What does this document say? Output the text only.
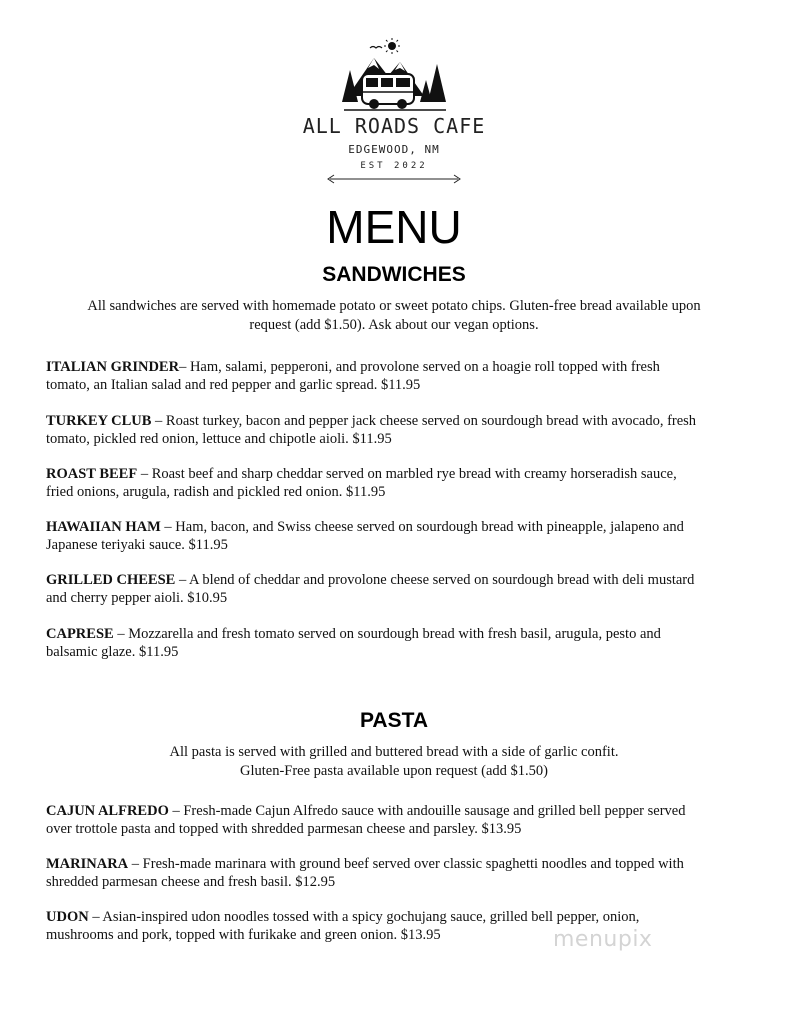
ALL ROADS CAFE
EDGEWOOD, NM
EST 2022
MENU
SANDWICHES
All sandwiches are served with homemade potato or sweet potato chips. Gluten-free bread available upon
request (add $1.50). Ask about our vegan options.
ITALIAN GRINDER– Ham, salami, pepperoni, and provolone served on a hoagie roll topped with fresh
tomato, an Italian salad and red pepper and garlic spread. $11.95
TURKEY CLUB – Roast turkey, bacon and pepper jack cheese served on sourdough bread with avocado, fresh
tomato, pickled red onion, lettuce and chipotle aioli. $11.95
ROAST BEEF – Roast beef and sharp cheddar served on marbled rye bread with creamy horseradish sauce,
fried onions, arugula, radish and pickled red onion. $11.95
HAWAIIAN HAM – Ham, bacon, and Swiss cheese served on sourdough bread with pineapple, jalapeno and
Japanese teriyaki sauce. $11.95
GRILLED CHEESE – A blend of cheddar and provolone cheese served on sourdough bread with deli mustard
and cherry pepper aioli. $10.95
CAPRESE – Mozzarella and fresh tomato served on sourdough bread with fresh basil, arugula, pesto and
balsamic glaze. $11.95
PASTA
All pasta is served with grilled and buttered bread with a side of garlic confit.
Gluten-Free pasta available upon request (add $1.50)
CAJUN ALFREDO – Fresh-made Cajun Alfredo sauce with andouille sausage and grilled bell pepper served
over trottole pasta and topped with shredded parmesan cheese and parsley. $13.95
MARINARA – Fresh-made marinara with ground beef served over classic spaghetti noodles and topped with
shredded parmesan cheese and fresh basil. $12.95
UDON – Asian-inspired udon noodles tossed with a spicy gochujang sauce, grilled bell pepper, onion,
mushrooms and pork, topped with furikake and green onion. $13.95	menupix
